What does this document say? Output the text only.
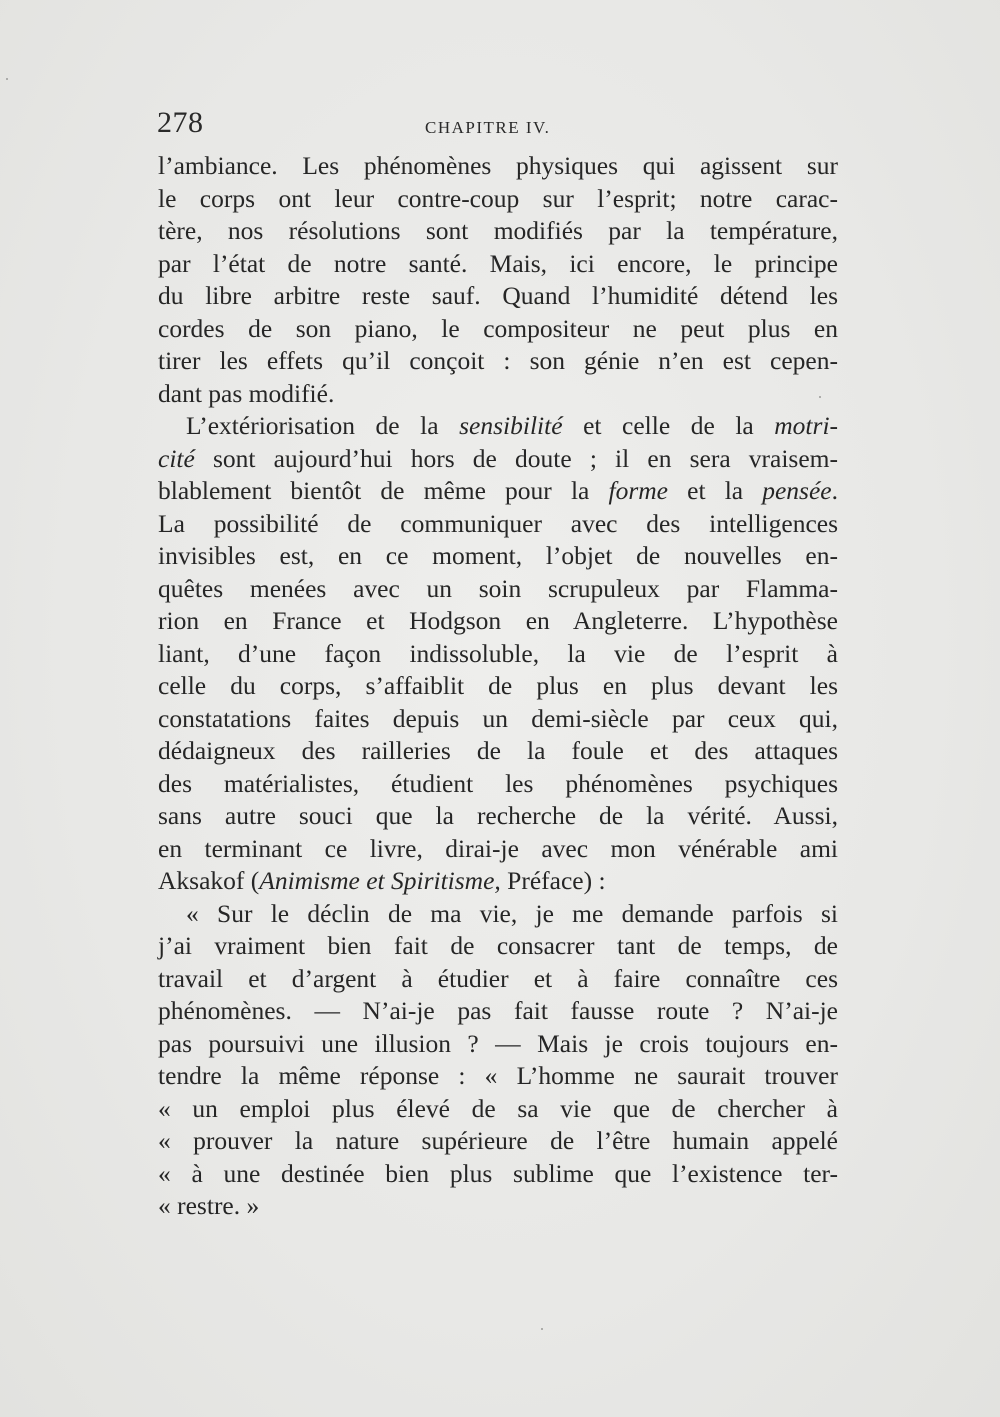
278	CHAPITRE IV.
l’ambiance. Les phénomènes physiques qui agissent sur
le corps ont leur contre-coup sur l’esprit; notre carac-
tère, nos résolutions sont modifiés par la température,
par l’état de notre santé. Mais, ici encore, le principe
du libre arbitre reste sauf. Quand l’humidité détend les
cordes de son piano, le compositeur ne peut plus en
tirer les effets qu’il conçoit : son génie n’en est cepen-
dant pas modifié.
L’extériorisation de la sensibilité et celle de la motri-
cité sont aujourd’hui hors de doute ; il en sera vraisem-
blablement bientôt de même pour la forme et la pensée.
La possibilité de communiquer avec des intelligences
invisibles est, en ce moment, l’objet de nouvelles en-
quêtes menées avec un soin scrupuleux par Flamma-
rion en France et Hodgson en Angleterre. L’hypothèse
liant, d’une façon indissoluble, la vie de l’esprit à
celle du corps, s’affaiblit de plus en plus devant les
constatations faites depuis un demi-siècle par ceux qui,
dédaigneux des railleries de la foule et des attaques
des matérialistes, étudient les phénomènes psychiques
sans autre souci que la recherche de la vérité. Aussi,
en terminant ce livre, dirai-je avec mon vénérable ami
Aksakof (Animisme et Spiritisme, Préface) :
« Sur le déclin de ma vie, je me demande parfois si
j’ai vraiment bien fait de consacrer tant de temps, de
travail et d’argent à étudier et à faire connaître ces
phénomènes. — N’ai-je pas fait fausse route ? N’ai-je
pas poursuivi une illusion ? — Mais je crois toujours en-
tendre la même réponse : « L’homme ne saurait trouver
« un emploi plus élevé de sa vie que de chercher à
« prouver la nature supérieure de l’être humain appelé
« à une destinée bien plus sublime que l’existence ter-
« restre. »
